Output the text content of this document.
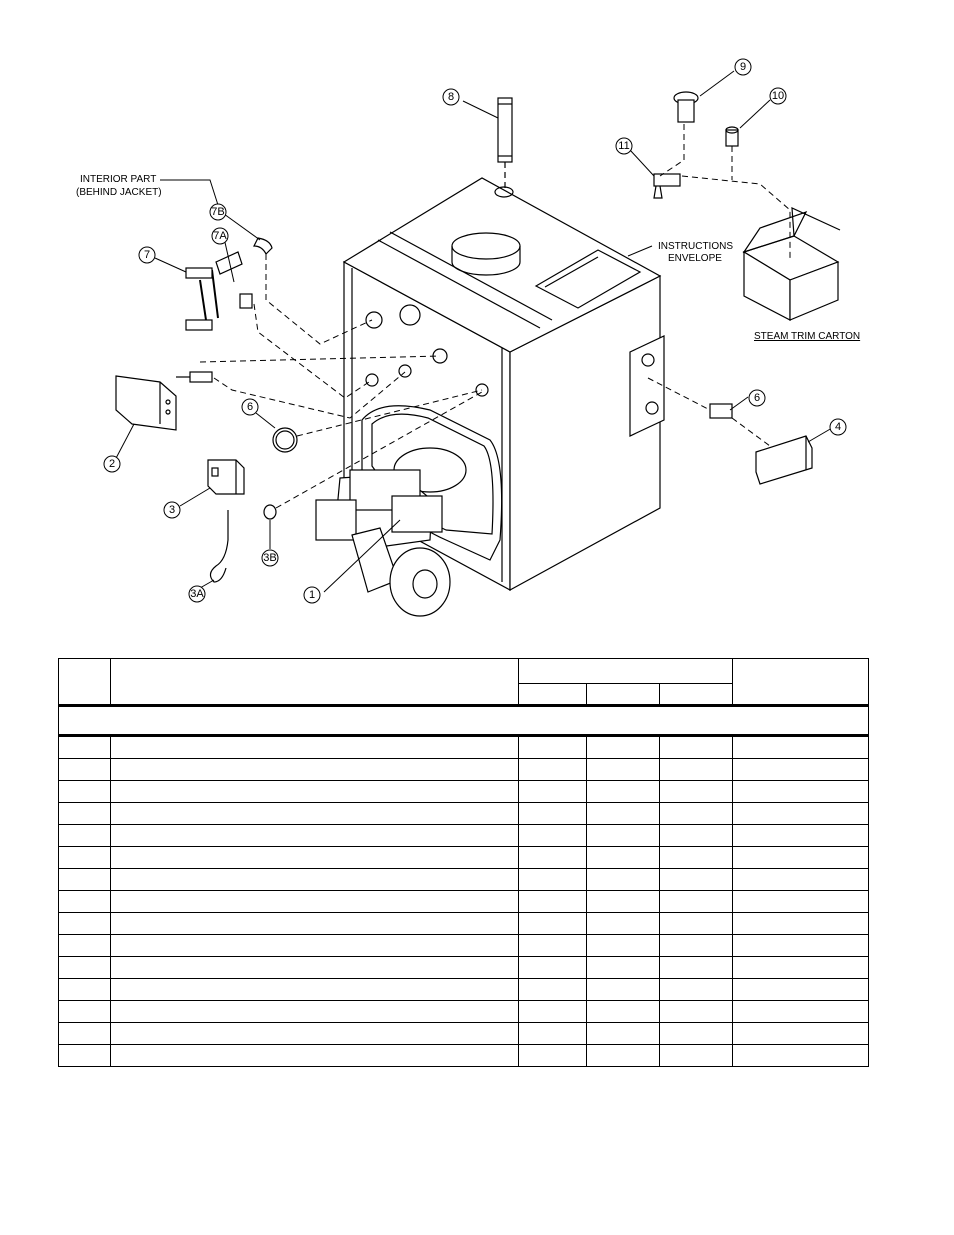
1
2
3
3A
3B
4
6
6
7
7A
7B
8
9
10
11
INTERIOR PART
(BEHIND JACKET)
INSTRUCTIONS
ENVELOPE
STEAM TRIM CARTON
